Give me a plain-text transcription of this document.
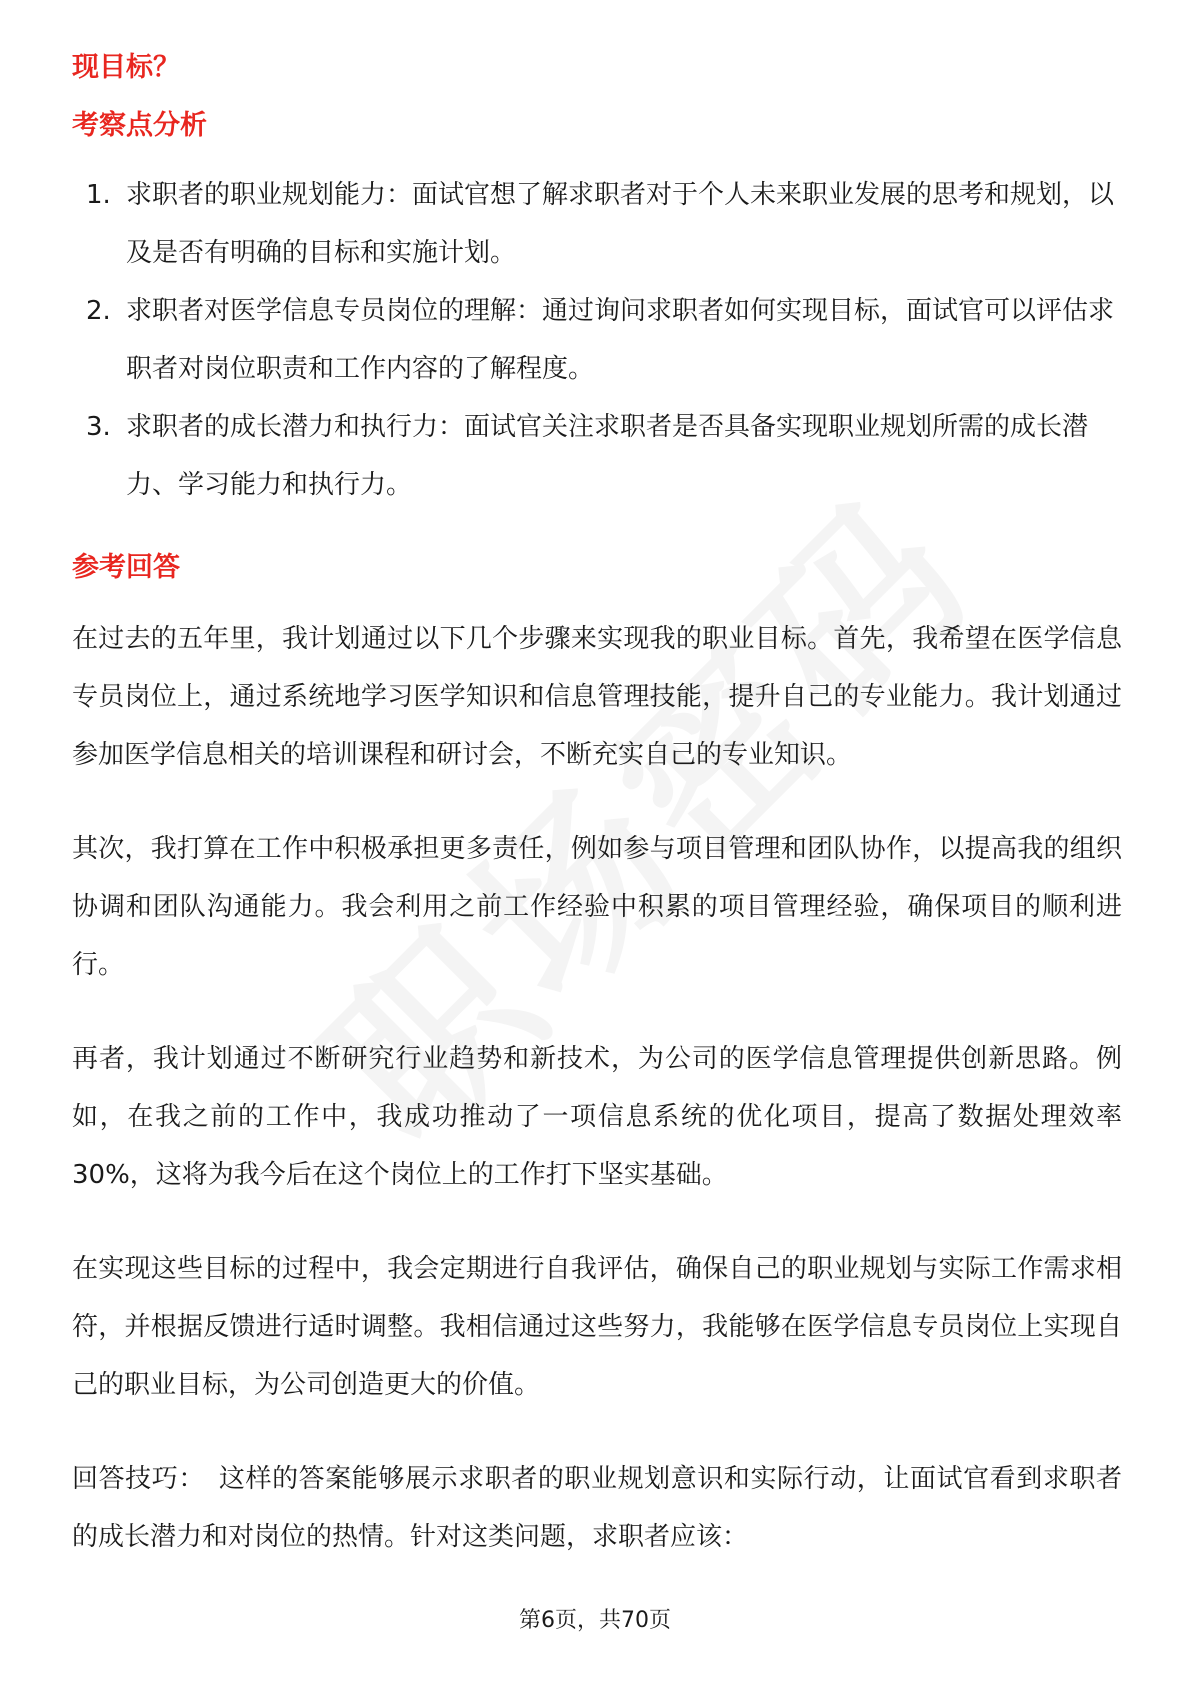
现目标？
考察点分析
1. 求职者的职业规划能力：面试官想了解求职者对于个人未来职业发展的思考和规划，以及是否有明确的目标和实施计划。
2. 求职者对医学信息专员岗位的理解：通过询问求职者如何实现目标，面试官可以评估求职者对岗位职责和工作内容的了解程度。
3. 求职者的成长潜力和执行力：面试官关注求职者是否具备实现职业规划所需的成长潜力、学习能力和执行力。
参考回答

在过去的五年里，我计划通过以下几个步骤来实现我的职业目标。首先，我希望在医学信息专员岗位上，通过系统地学习医学知识和信息管理技能，提升自己的专业能力。我计划通过参加医学信息相关的培训课程和研讨会，不断充实自己的专业知识。

其次，我打算在工作中积极承担更多责任，例如参与项目管理和团队协作，以提高我的组织协调和团队沟通能力。我会利用之前工作经验中积累的项目管理经验，确保项目的顺利进行。

再者，我计划通过不断研究行业趋势和新技术，为公司的医学信息管理提供创新思路。例如，在我之前的工作中，我成功推动了一项信息系统的优化项目，提高了数据处理效率30%，这将为我今后在这个岗位上的工作打下坚实基础。

在实现这些目标的过程中，我会定期进行自我评估，确保自己的职业规划与实际工作需求相符，并根据反馈进行适时调整。我相信通过这些努力，我能够在医学信息专员岗位上实现自己的职业目标，为公司创造更大的价值。

回答技巧： 这样的答案能够展示求职者的职业规划意识和实际行动，让面试官看到求职者的成长潜力和对岗位的热情。针对这类问题，求职者应该：

第6页，共70页
